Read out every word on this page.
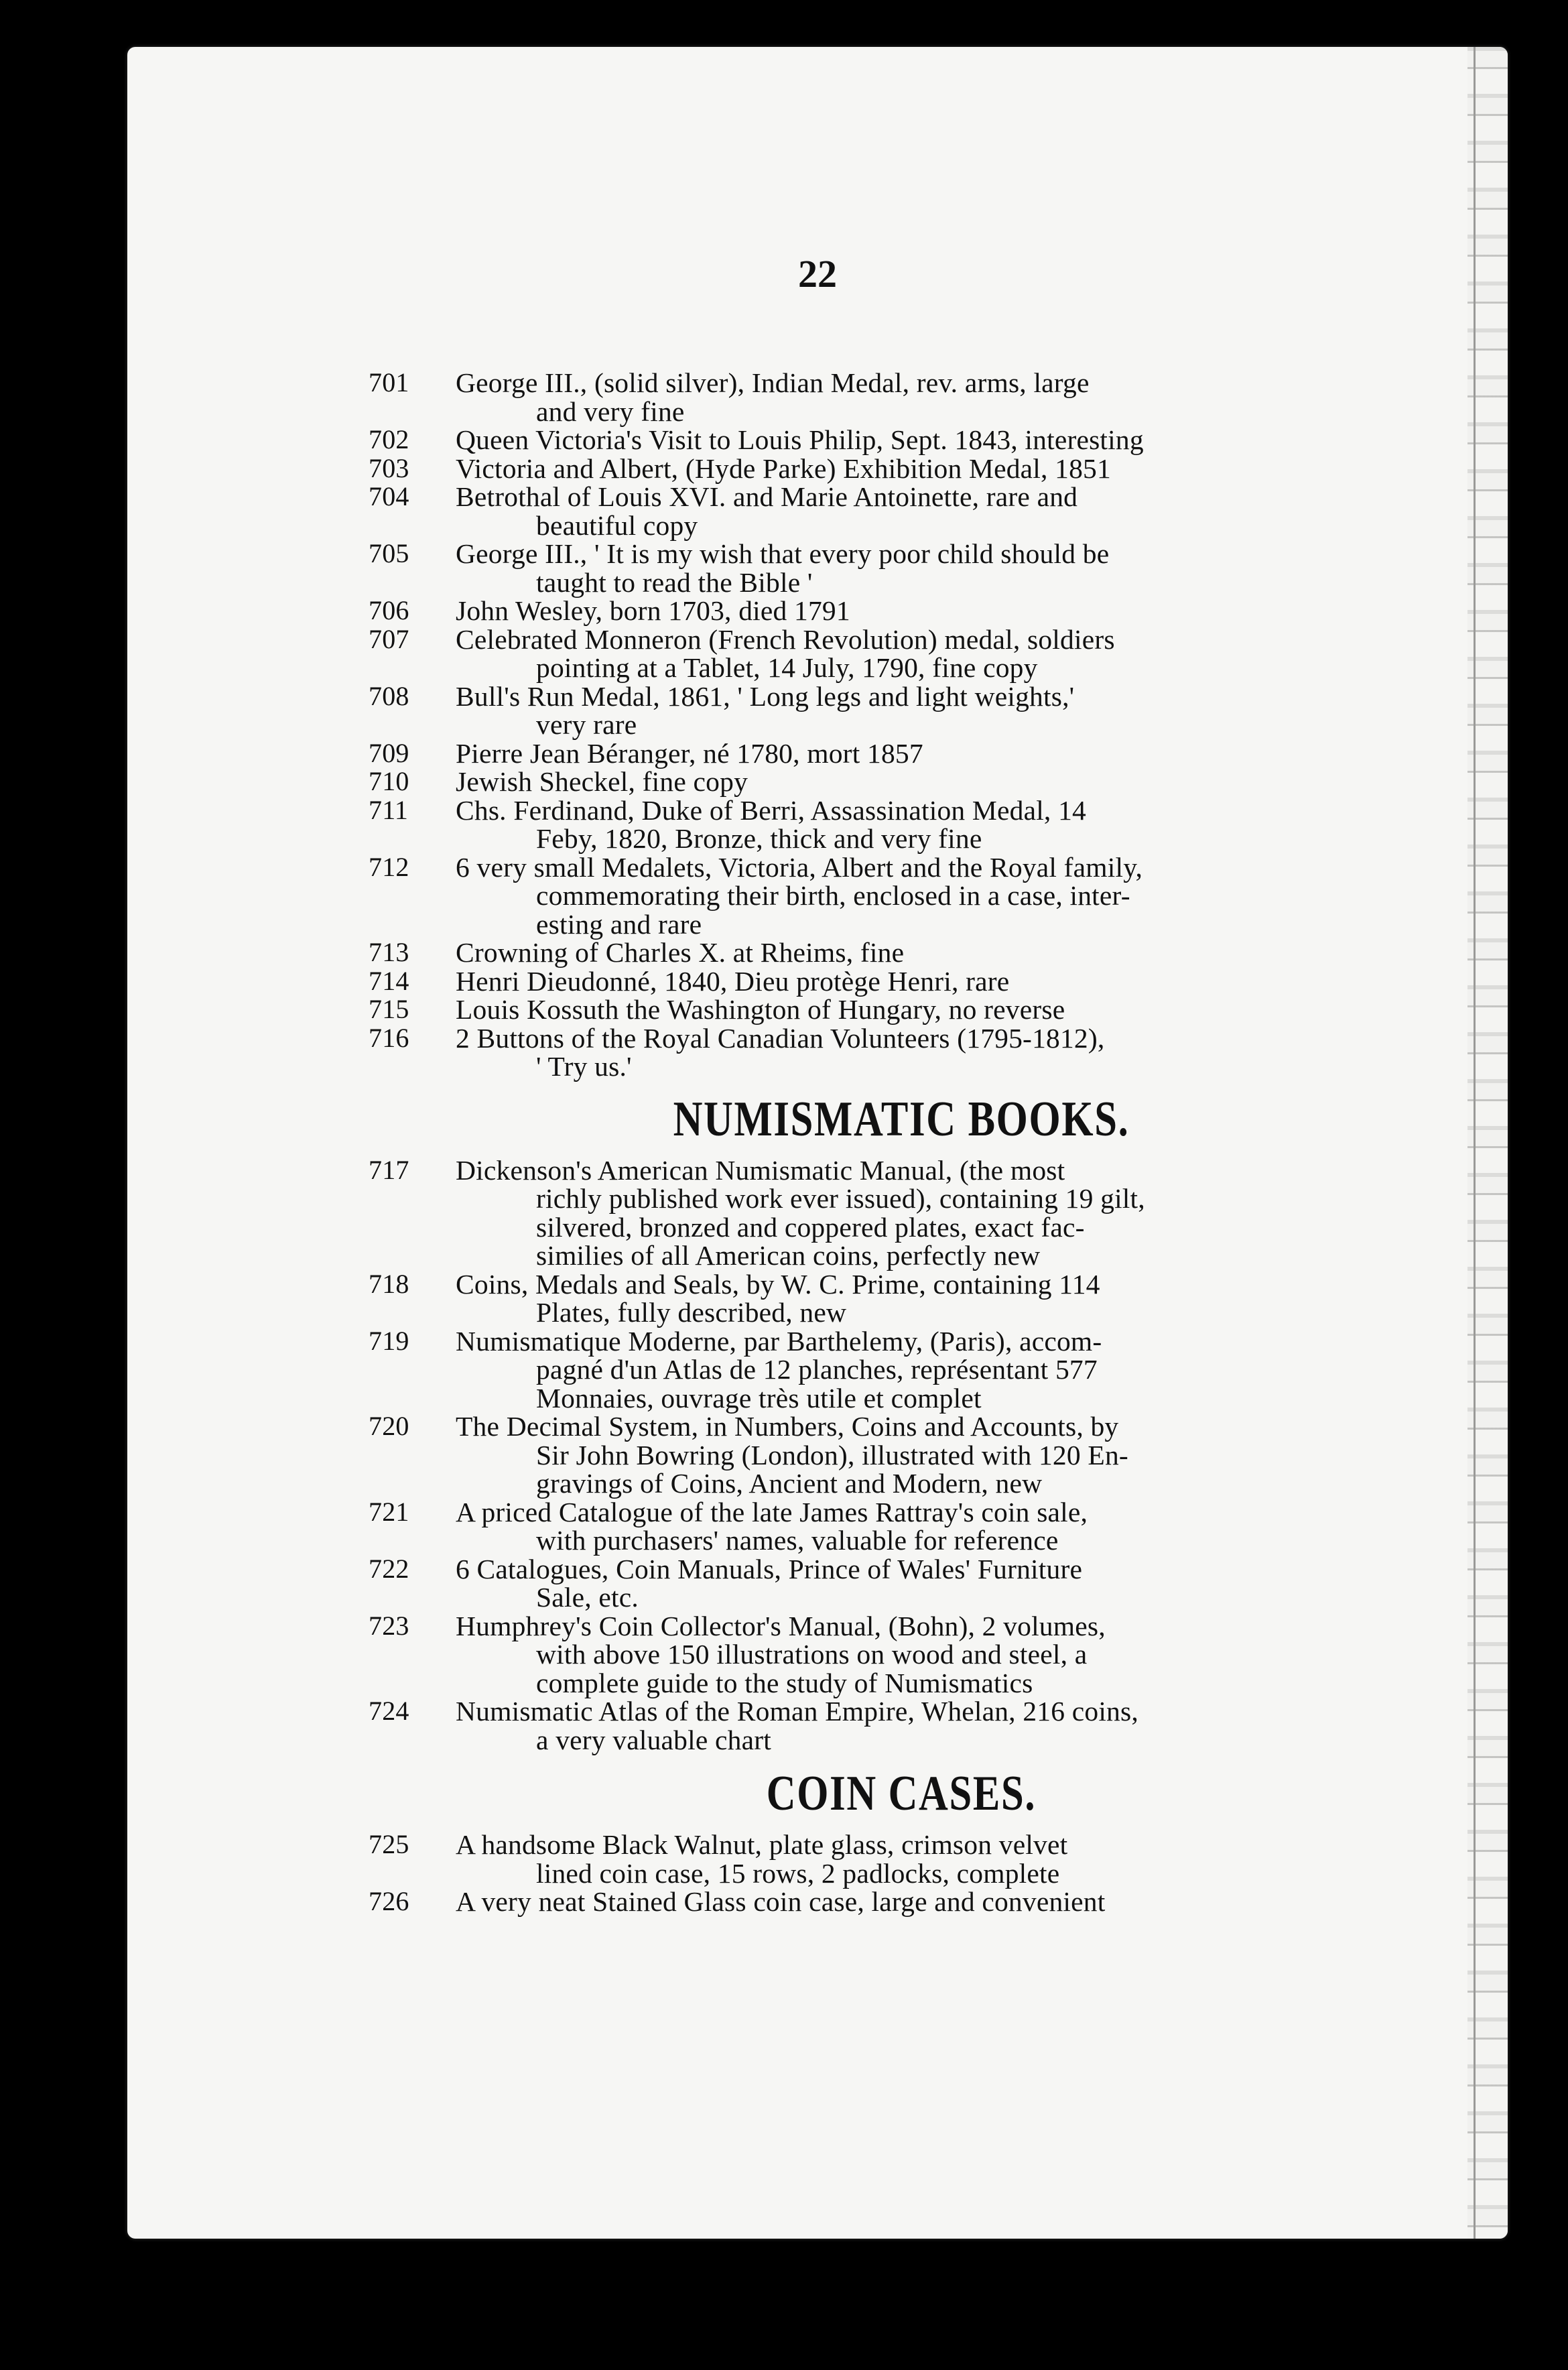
22
701	George III., (solid silver), Indian Medal, rev. arms, large
and very fine
702	Queen Victoria's Visit to Louis Philip, Sept. 1843, interesting
703	Victoria and Albert, (Hyde Parke) Exhibition Medal, 1851
704	Betrothal of Louis XVI. and Marie Antoinette, rare and
beautiful copy
705	George III., ' It is my wish that every poor child should be
taught to read the Bible '
706	John Wesley, born 1703, died 1791
707	Celebrated Monneron (French Revolution) medal, soldiers
pointing at a Tablet, 14 July, 1790, fine copy
708	Bull's Run Medal, 1861, ' Long legs and light weights,'
very rare
709	Pierre Jean Béranger, né 1780, mort 1857
710	Jewish Sheckel, fine copy
711	Chs. Ferdinand, Duke of Berri, Assassination Medal, 14
Feby, 1820, Bronze, thick and very fine
712	6 very small Medalets, Victoria, Albert and the Royal family,
commemorating their birth, enclosed in a case, inter-
esting and rare
713	Crowning of Charles X. at Rheims, fine
714	Henri Dieudonné, 1840, Dieu protège Henri, rare
715	Louis Kossuth the Washington of Hungary, no reverse
716	2 Buttons of the Royal Canadian Volunteers (1795-1812),
' Try us.'
NUMISMATIC BOOKS.
717	Dickenson's American Numismatic Manual, (the most
richly published work ever issued), containing 19 gilt,
silvered, bronzed and coppered plates, exact fac-
similies of all American coins, perfectly new
718	Coins, Medals and Seals, by W. C. Prime, containing 114
Plates, fully described, new
719	Numismatique Moderne, par Barthelemy, (Paris), accom-
pagné d'un Atlas de 12 planches, représentant 577
Monnaies, ouvrage très utile et complet
720	The Decimal System, in Numbers, Coins and Accounts, by
Sir John Bowring (London), illustrated with 120 En-
gravings of Coins, Ancient and Modern, new
721	A priced Catalogue of the late James Rattray's coin sale,
with purchasers' names, valuable for reference
722	6 Catalogues, Coin Manuals, Prince of Wales' Furniture
Sale, etc.
723	Humphrey's Coin Collector's Manual, (Bohn), 2 volumes,
with above 150 illustrations on wood and steel, a
complete guide to the study of Numismatics
724	Numismatic Atlas of the Roman Empire, Whelan, 216 coins,
a very valuable chart
COIN CASES.
725	A handsome Black Walnut, plate glass, crimson velvet
lined coin case, 15 rows, 2 padlocks, complete
726	A very neat Stained Glass coin case, large and convenient
